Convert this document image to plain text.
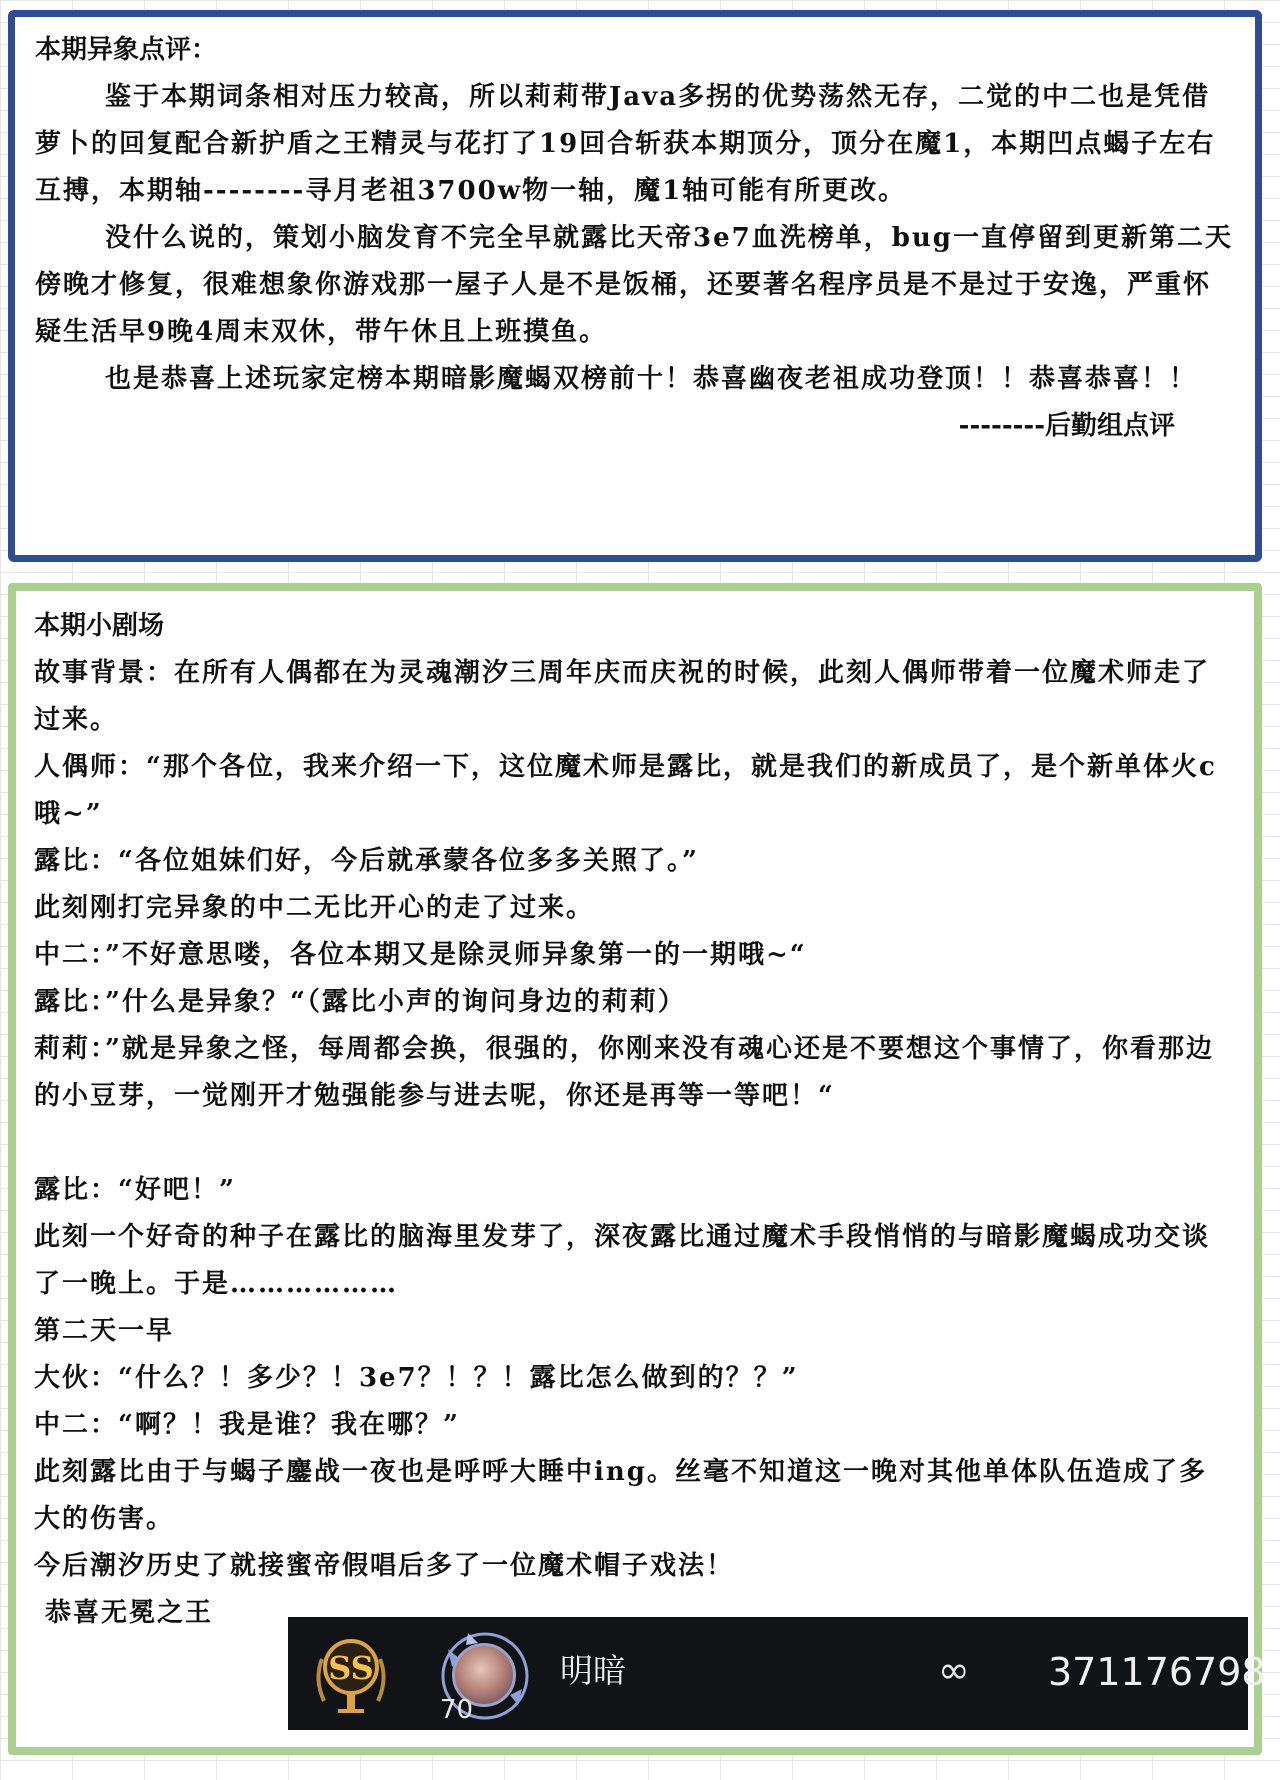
本期异象点评：
鉴于本期词条相对压力较高，所以莉莉带Java多拐的优势荡然无存，二觉的中二也是凭借萝卜的回复配合新护盾之王精灵与花打了19回合斩获本期顶分，顶分在魔1，本期凹点蝎子左右互搏，本期轴--------寻月老祖3700w物一轴，魔1轴可能有所更改。
没什么说的，策划小脑发育不完全早就露比天帝3e7血洗榜单，bug一直停留到更新第二天傍晚才修复，很难想象你游戏那一屋子人是不是饭桶，还要著名程序员是不是过于安逸，严重怀疑生活早9晚4周末双休，带午休且上班摸鱼。
也是恭喜上述玩家定榜本期暗影魔蝎双榜前十！恭喜幽夜老祖成功登顶！！恭喜恭喜！！
--------后勤组点评
本期小剧场
故事背景：在所有人偶都在为灵魂潮汐三周年庆而庆祝的时候，此刻人偶师带着一位魔术师走了过来。
人偶师：“那个各位，我来介绍一下，这位魔术师是露比，就是我们的新成员了，是个新单体火c哦~”
露比：“各位姐妹们好，今后就承蒙各位多多关照了。”
此刻刚打完异象的中二无比开心的走了过来。
中二：”不好意思喽，各位本期又是除灵师异象第一的一期哦~“
露比：”什么是异象？“（露比小声的询问身边的莉莉）
莉莉：”就是异象之怪，每周都会换，很强的，你刚来没有魂心还是不要想这个事情了，你看那边的小豆芽，一觉刚开才勉强能参与进去呢，你还是再等一等吧！“
露比：“好吧！”
此刻一个好奇的种子在露比的脑海里发芽了，深夜露比通过魔术手段悄悄的与暗影魔蝎成功交谈了一晚上。于是………………
第二天一早
大伙：“什么？！多少？！3e7？！？！露比怎么做到的？？”
中二：“啊？！我是谁？我在哪？”
此刻露比由于与蝎子鏖战一夜也是呼呼大睡中ing。丝毫不知道这一晚对其他单体队伍造成了多大的伤害。
今后潮汐历史了就接蜜帝假唱后多了一位魔术帽子戏法！
恭喜无冕之王
SS
70
明暗	∞ 371176798
